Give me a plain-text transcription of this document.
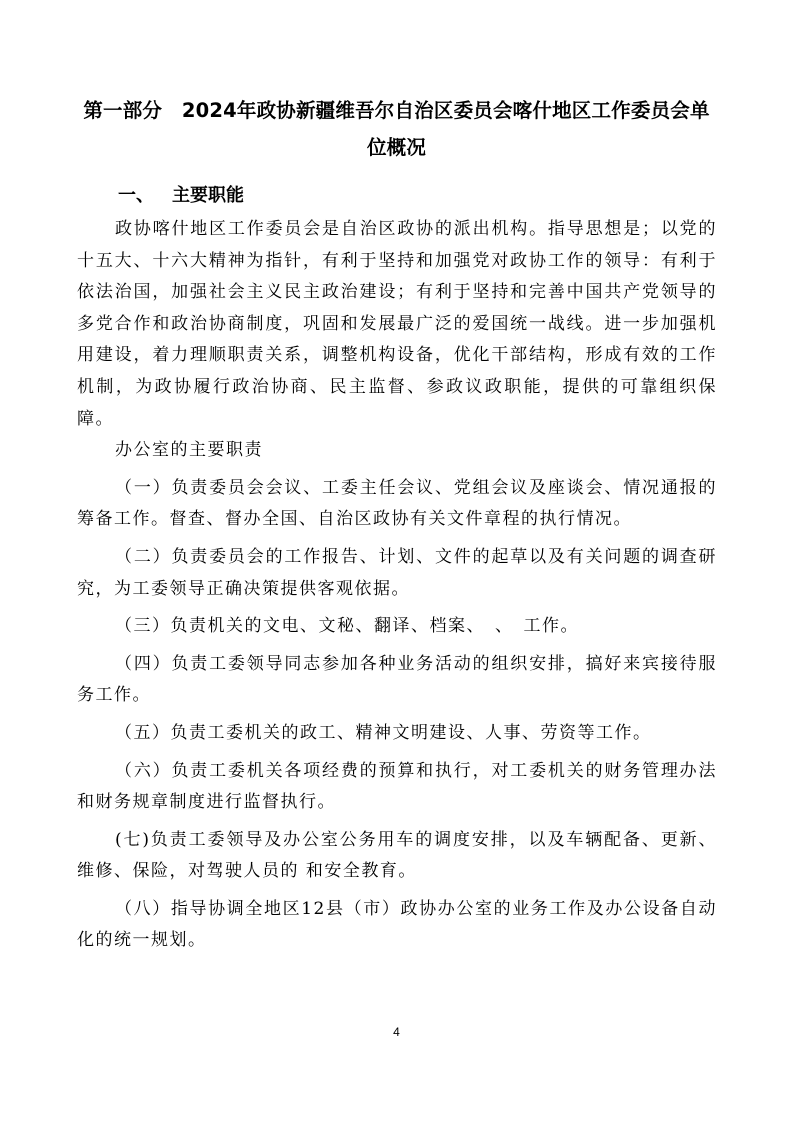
第一部分　2024年政协新疆维吾尔自治区委员会喀什地区工作委员会单位概况
一、 主要职能

政协喀什地区工作委员会是自治区政协的派出机构。指导思想是；以党的十五大、十六大精神为指针，有利于坚持和加强党对政协工作的领导：有利于依法治国，加强社会主义民主政治建设；有利于坚持和完善中国共产党领导的多党合作和政治协商制度，巩固和发展最广泛的爱国统一战线。进一步加强机用建设，着力理顺职责关系，调整机构设备，优化干部结构，形成有效的工作机制，为政协履行政治协商、民主监督、参政议政职能，提供的可靠组织保障。

办公室的主要职责

（一）负责委员会会议、工委主任会议、党组会议及座谈会、情况通报的筹备工作。督查、督办全国、自治区政协有关文件章程的执行情况。

（二）负责委员会的工作报告、计划、文件的起草以及有关问题的调查研究，为工委领导正确决策提供客观依据。

（三）负责机关的文电、文秘、翻译、档案、　、　工作。

（四）负责工委领导同志参加各种业务活动的组织安排，搞好来宾接待服务工作。

（五）负责工委机关的政工、精神文明建设、人事、劳资等工作。

（六）负责工委机关各项经费的预算和执行，对工委机关的财务管理办法和财务规章制度进行监督执行。

(七)负责工委领导及办公室公务用车的调度安排，以及车辆配备、更新、维修、保险，对驾驶人员的 和安全教育。

（八）指导协调全地区12县（市）政协办公室的业务工作及办公设备自动化的统一规划。

4
